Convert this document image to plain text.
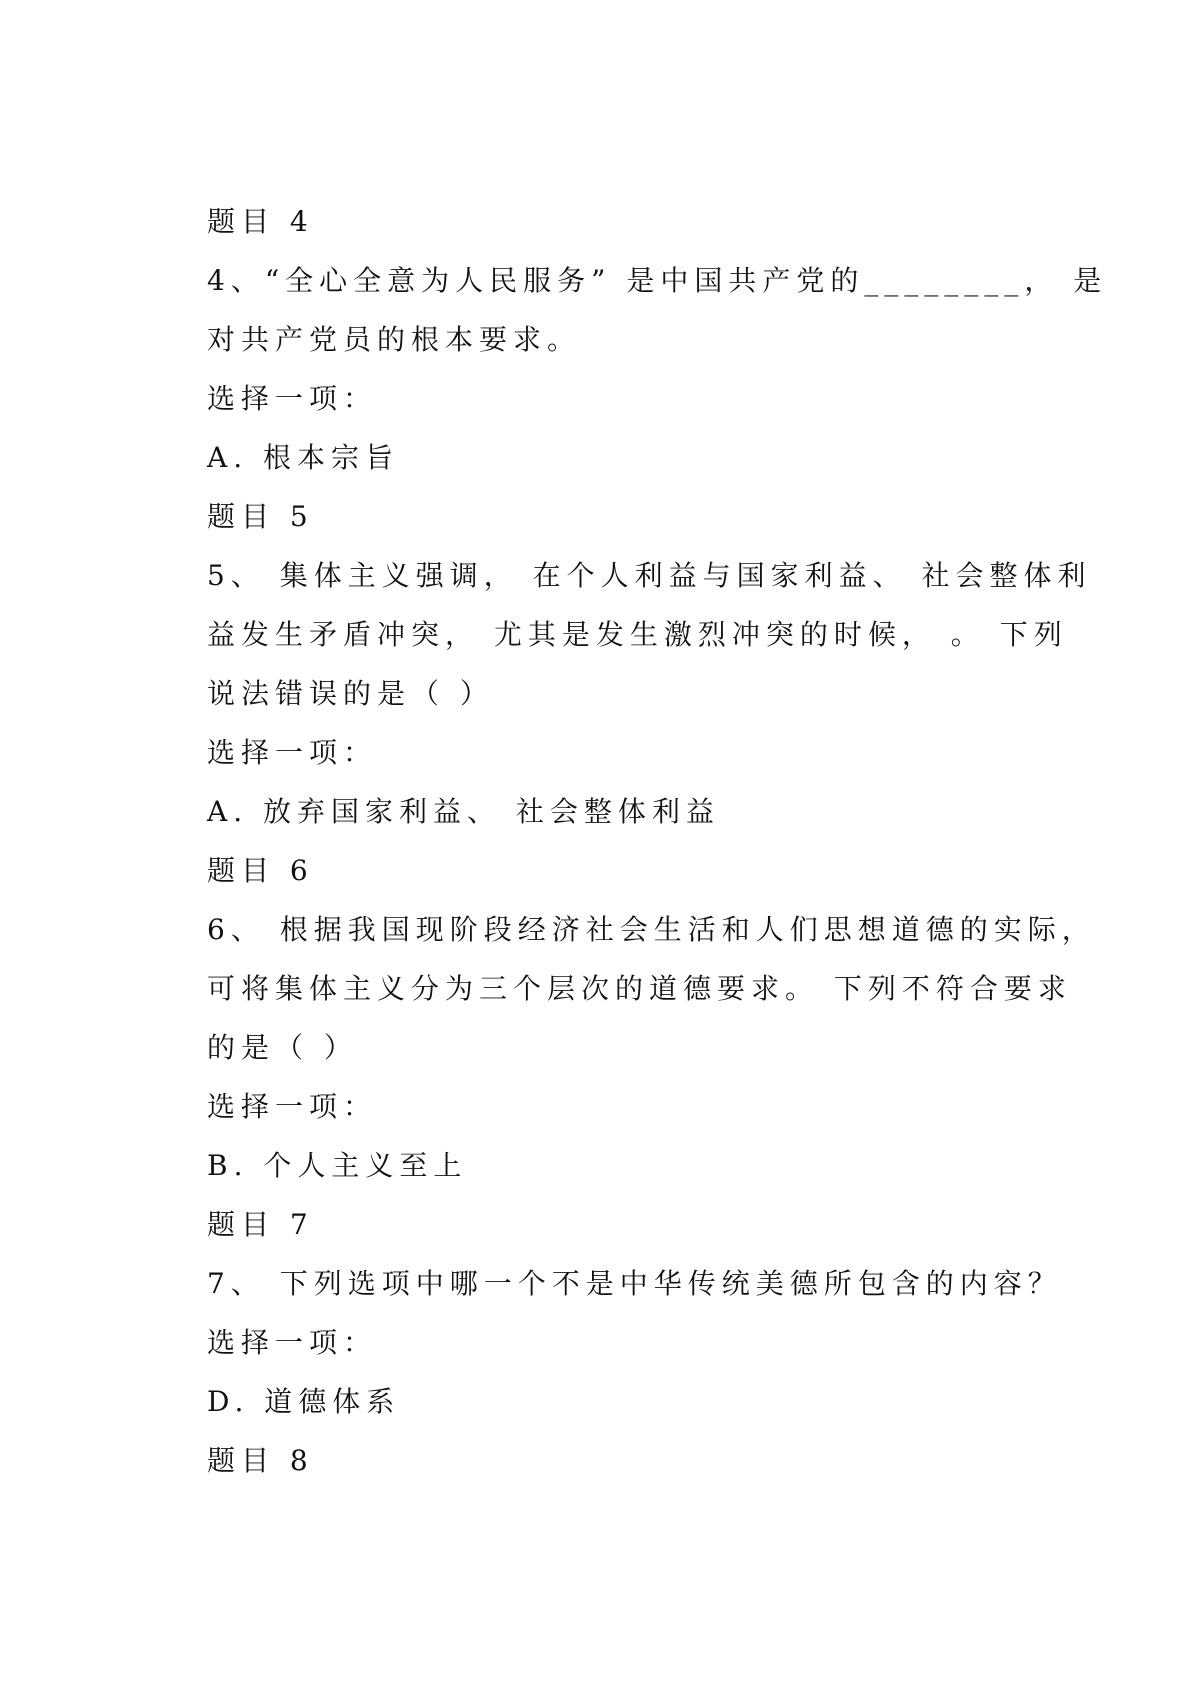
题目 4
4、“全心全意为人民服务” 是中国共产党的________， 是
对共产党员的根本要求。
选择一项：
A. 根本宗旨
题目 5
5、 集体主义强调， 在个人利益与国家利益、 社会整体利
益发生矛盾冲突， 尤其是发生激烈冲突的时候， 。 下列
说法错误的是（ ）
选择一项：
A. 放弃国家利益、 社会整体利益
题目 6
6、 根据我国现阶段经济社会生活和人们思想道德的实际，
可将集体主义分为三个层次的道德要求。 下列不符合要求
的是（ ）
选择一项：
B. 个人主义至上
题目 7
7、 下列选项中哪一个不是中华传统美德所包含的内容？
选择一项：
D. 道德体系
题目 8
